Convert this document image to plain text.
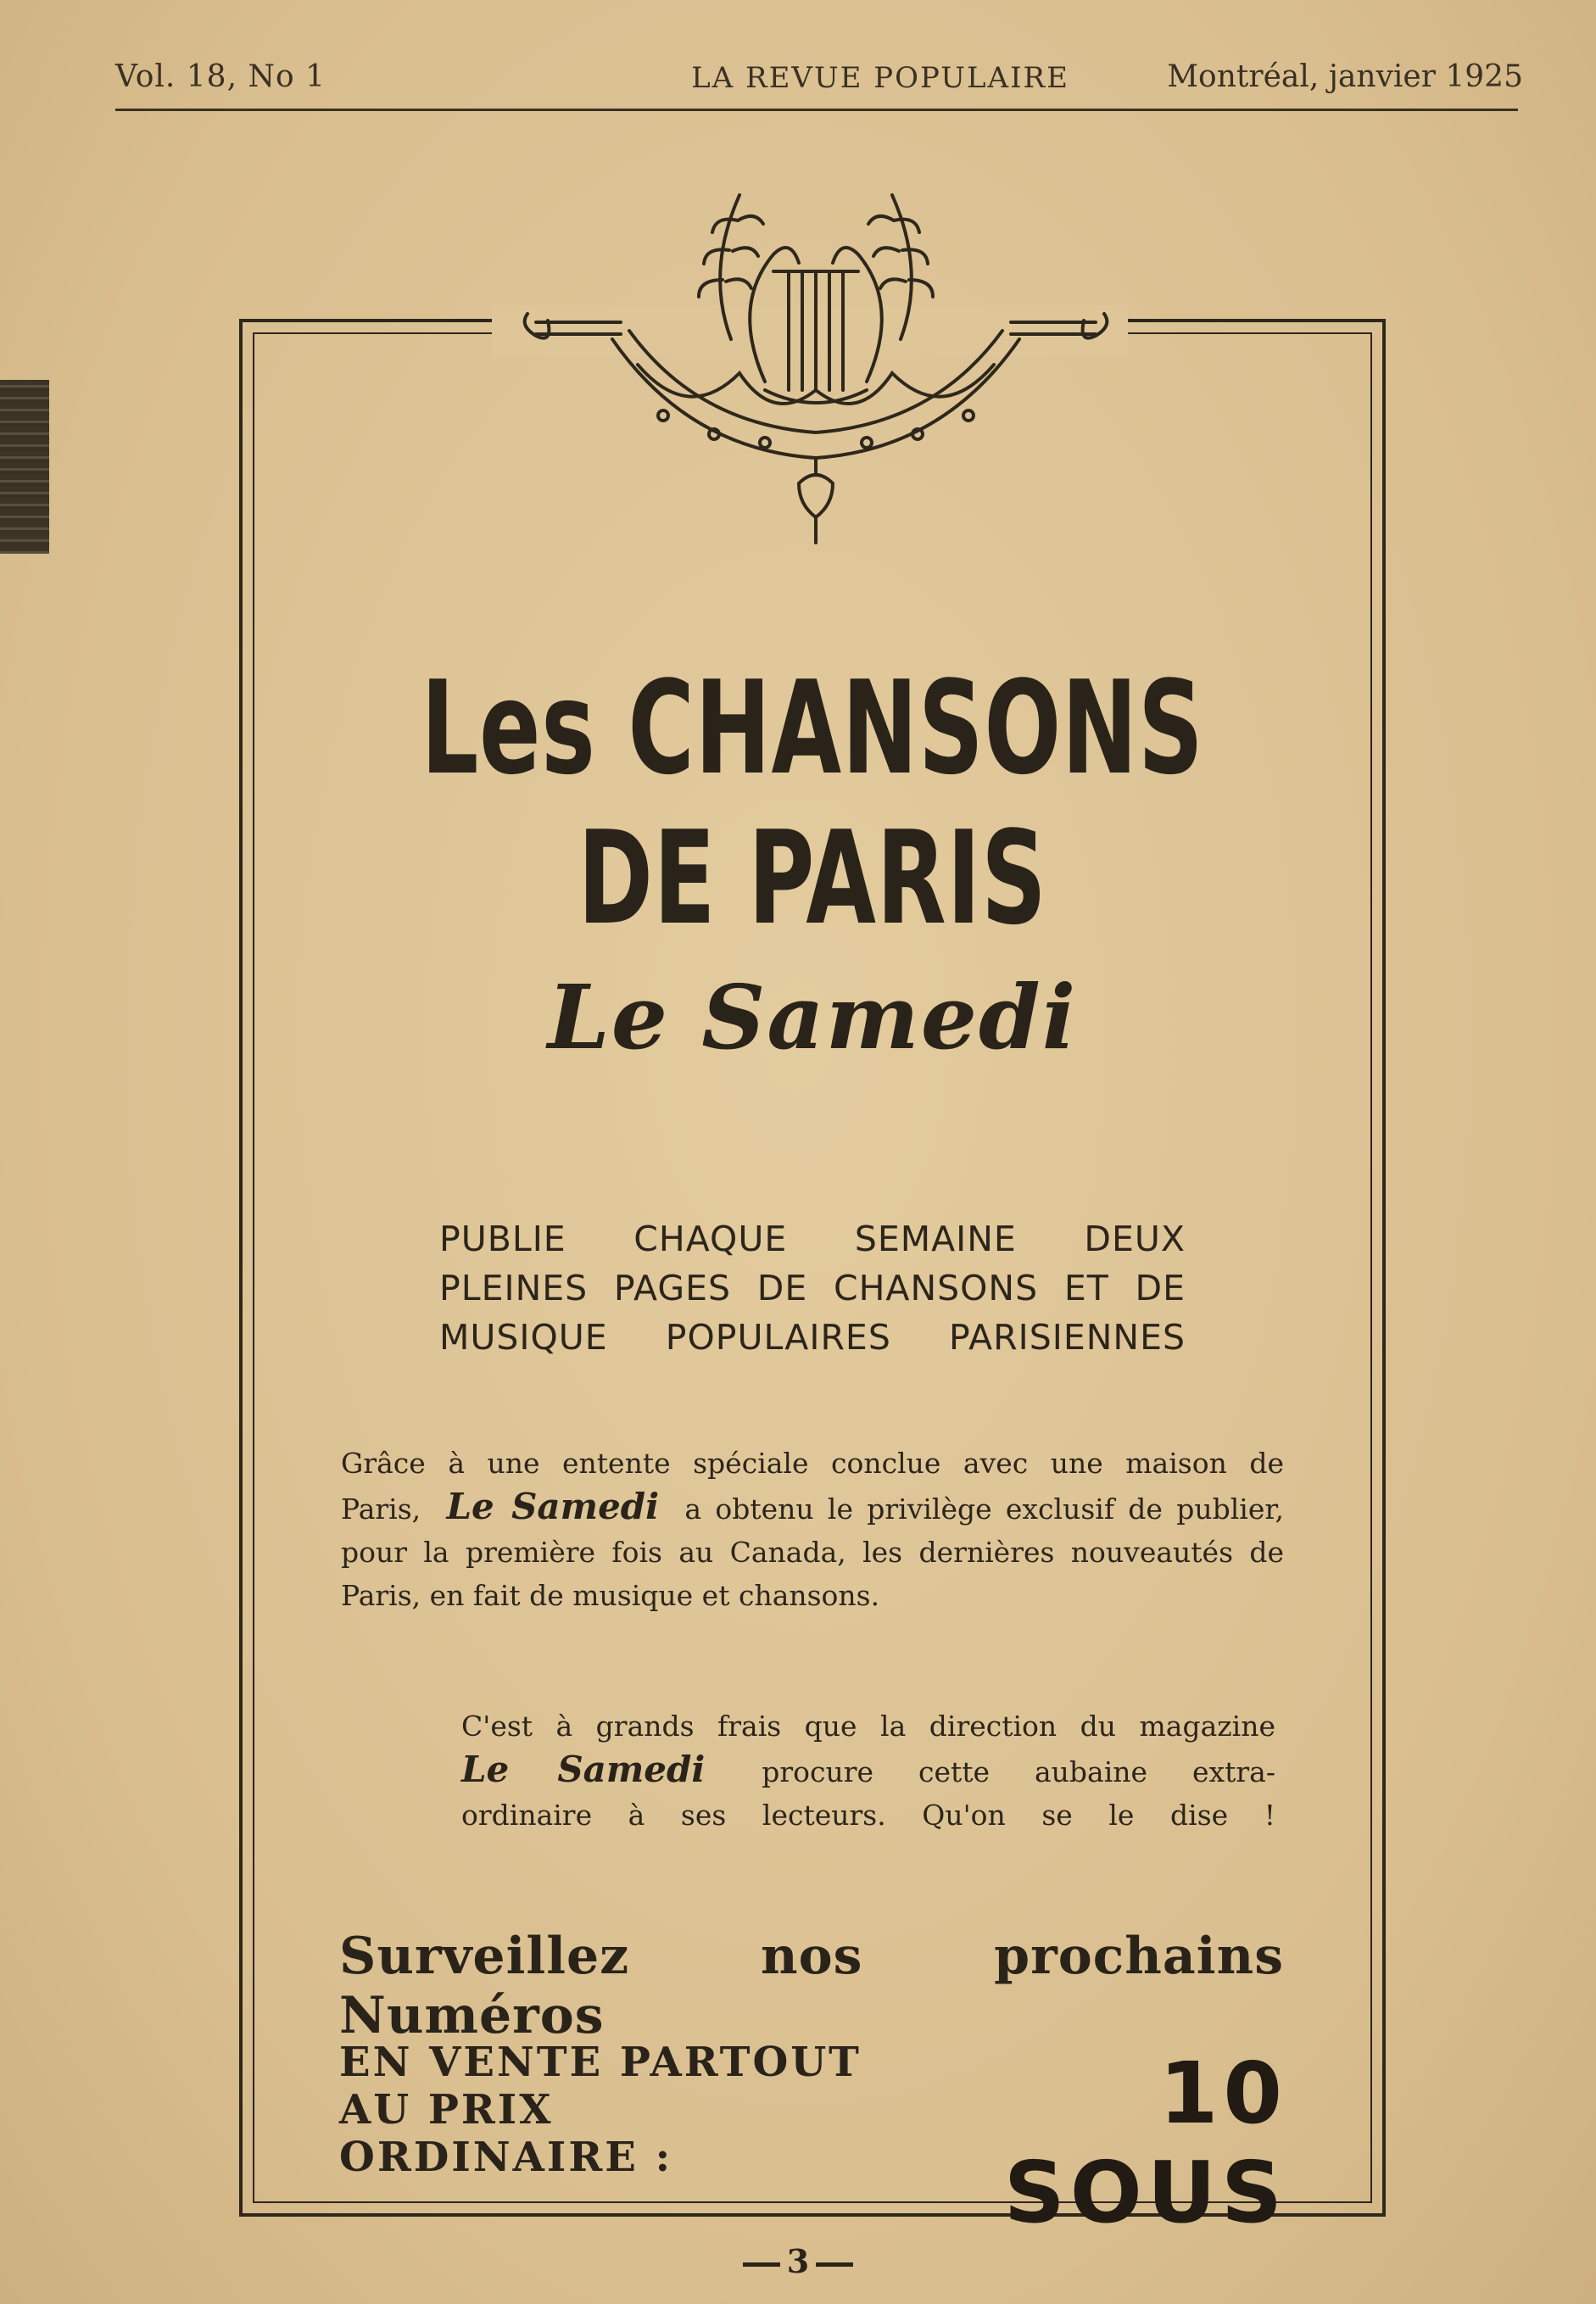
Vol. 18, No 1	LA REVUE POPULAIRE	Montréal, janvier 1925
Les CHANSONS DE PARIS
Le Samedi
PUBLIE CHAQUE SEMAINE DEUX
PLEINES PAGES DE CHANSONS ET DE
MUSIQUE POPULAIRES PARISIENNES
Grâce à une entente spéciale conclue avec une maison de
Paris, Le Samedi a obtenu le privilège exclusif de publier,
pour la première fois au Canada, les dernières nouveautés de
Paris, en fait de musique et chansons.
C'est à grands frais que la direction du magazine
Le Samedi procure cette aubaine extra-
ordinaire à ses lecteurs. Qu'on se le dise !
Surveillez nos prochains Numéros
EN VENTE PARTOUT
AU PRIX ORDINAIRE :
10 SOUS
3
